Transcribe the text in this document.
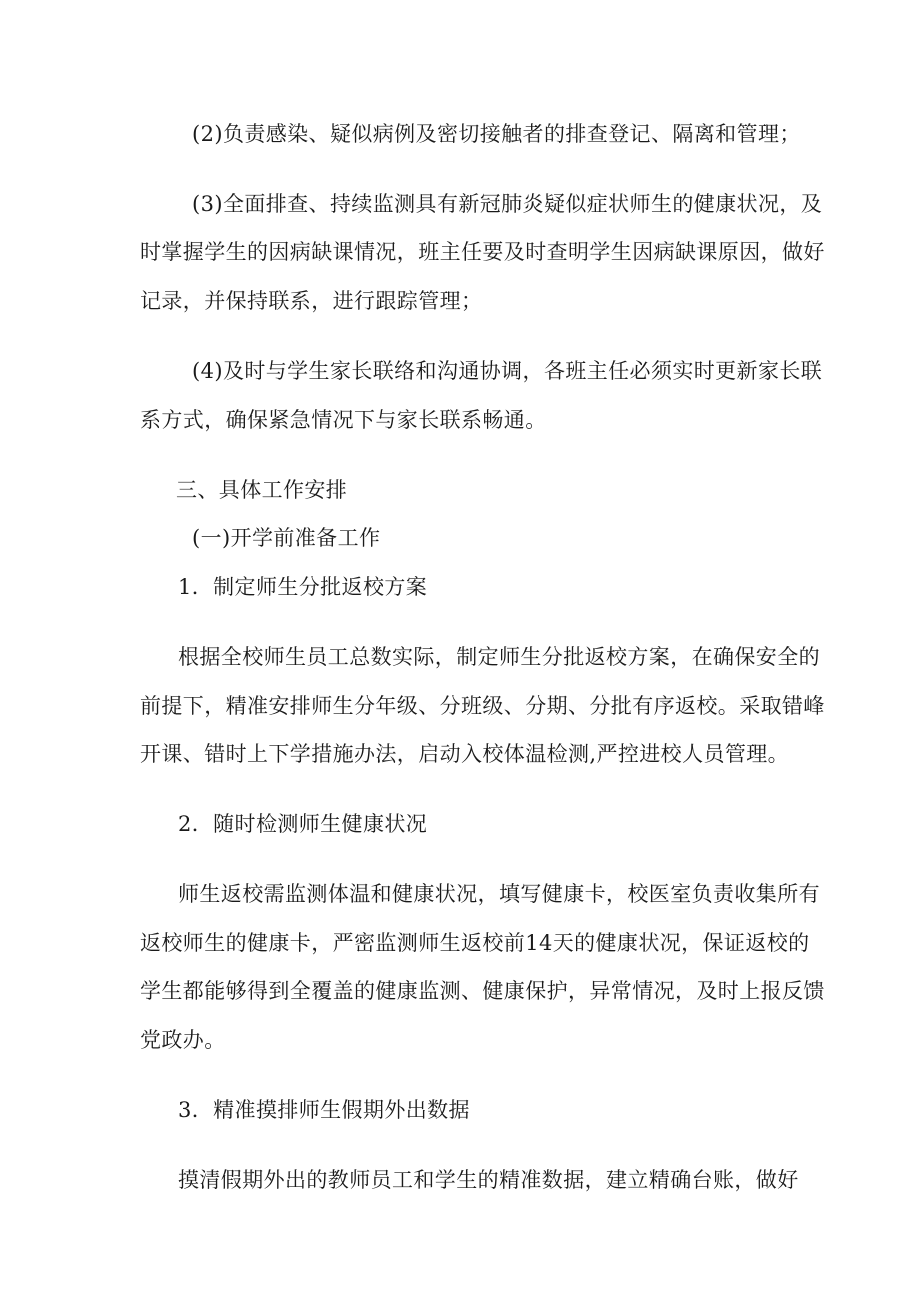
(2)负责感染、疑似病例及密切接触者的排查登记、隔离和管理；
(3)全面排查、持续监测具有新冠肺炎疑似症状师生的健康状况，及
时掌握学生的因病缺课情况，班主任要及时查明学生因病缺课原因，做好
记录，并保持联系，进行跟踪管理；
(4)及时与学生家长联络和沟通协调，各班主任必须实时更新家长联
系方式，确保紧急情况下与家长联系畅通。
三、具体工作安排
(一)开学前准备工作
1．制定师生分批返校方案
根据全校师生员工总数实际，制定师生分批返校方案，在确保安全的
前提下，精准安排师生分年级、分班级、分期、分批有序返校。采取错峰
开课、错时上下学措施办法，启动入校体温检测,严控进校人员管理。
2．随时检测师生健康状况
师生返校需监测体温和健康状况，填写健康卡，校医室负责收集所有
返校师生的健康卡，严密监测师生返校前14天的健康状况，保证返校的
学生都能够得到全覆盖的健康监测、健康保护，异常情况，及时上报反馈
党政办。
3．精准摸排师生假期外出数据
摸清假期外出的教师员工和学生的精准数据，建立精确台账，做好
